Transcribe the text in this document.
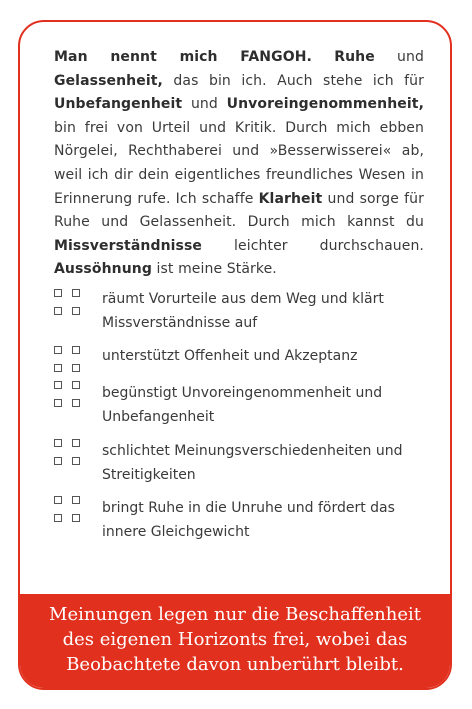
Man nennt mich FANGOH. Ruhe und Gelassenheit, das bin ich. Auch stehe ich für Unbefangenheit und Unvoreingenommenheit, bin frei von Urteil und Kritik. Durch mich ebben Nörgelei, Rechthaberei und »Besserwisserei« ab, weil ich dir dein eigentliches freundliches Wesen in Erinnerung rufe. Ich schaffe Klarheit und sorge für Ruhe und Gelassenheit. Durch mich kannst du Missverständnisse leichter durchschauen. Aussöhnung ist meine Stärke.
räumt Vorurteile aus dem Weg und klärt
Missverständnisse auf
unterstützt Offenheit und Akzeptanz
begünstigt Unvoreingenommenheit und
Unbefangenheit
schlichtet Meinungsverschiedenheiten und
Streitigkeiten
bringt Ruhe in die Unruhe und fördert das
innere Gleichgewicht
Meinungen legen nur die Beschaffenheit
des eigenen Horizonts frei, wobei das
Beobachtete davon unberührt bleibt.
